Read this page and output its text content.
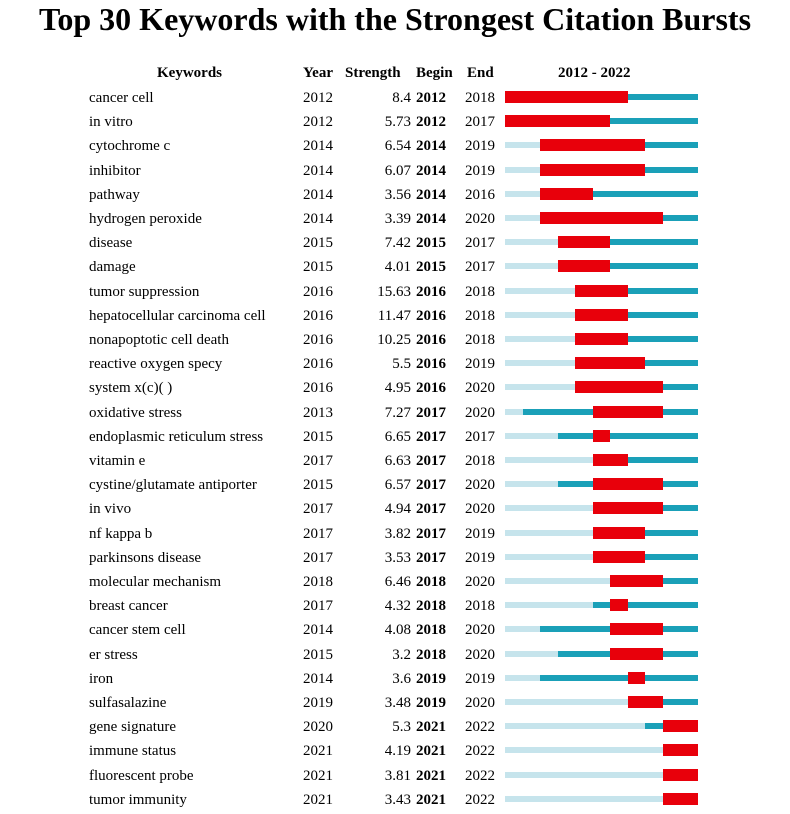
Top 30 Keywords with the Strongest Citation Bursts
Keywords	Year Strength Begin End	2012 - 2022
cancer cell	2012	8.4 2012 2018
in vitro	2012	5.73 2012 2017
cytochrome c	2014	6.54 2014 2019
inhibitor	2014	6.07 2014 2019
pathway	2014	3.56 2014 2016
hydrogen peroxide	2014	3.39 2014 2020
disease	2015	7.42 2015 2017
damage	2015	4.01 2015 2017
tumor suppression	2016	15.63 2016 2018
hepatocellular carcinoma cell 2016	11.47 2016 2018
nonapoptotic cell death	2016	10.25 2016 2018
reactive oxygen specy	2016	5.5 2016 2019
system x(c)( )	2016	4.95 2016 2020
oxidative stress	2013	7.27 2017 2020
endoplasmic reticulum stress	2015	6.65 2017 2017
vitamin e	2017	6.63 2017 2018
cystine/glutamate antiporter	2015	6.57 2017 2020
in vivo	2017	4.94 2017 2020
nf kappa b	2017	3.82 2017 2019
parkinsons disease	2017	3.53 2017 2019
molecular mechanism	2018	6.46 2018 2020
breast cancer	2017	4.32 2018 2018
cancer stem cell	2014	4.08 2018 2020
er stress	2015	3.2 2018 2020
iron	2014	3.6 2019 2019
sulfasalazine	2019	3.48 2019 2020
gene signature	2020	5.3 2021 2022
immune status	2021	4.19 2021 2022
fluorescent probe	2021	3.81 2021 2022
tumor immunity	2021	3.43 2021 2022
